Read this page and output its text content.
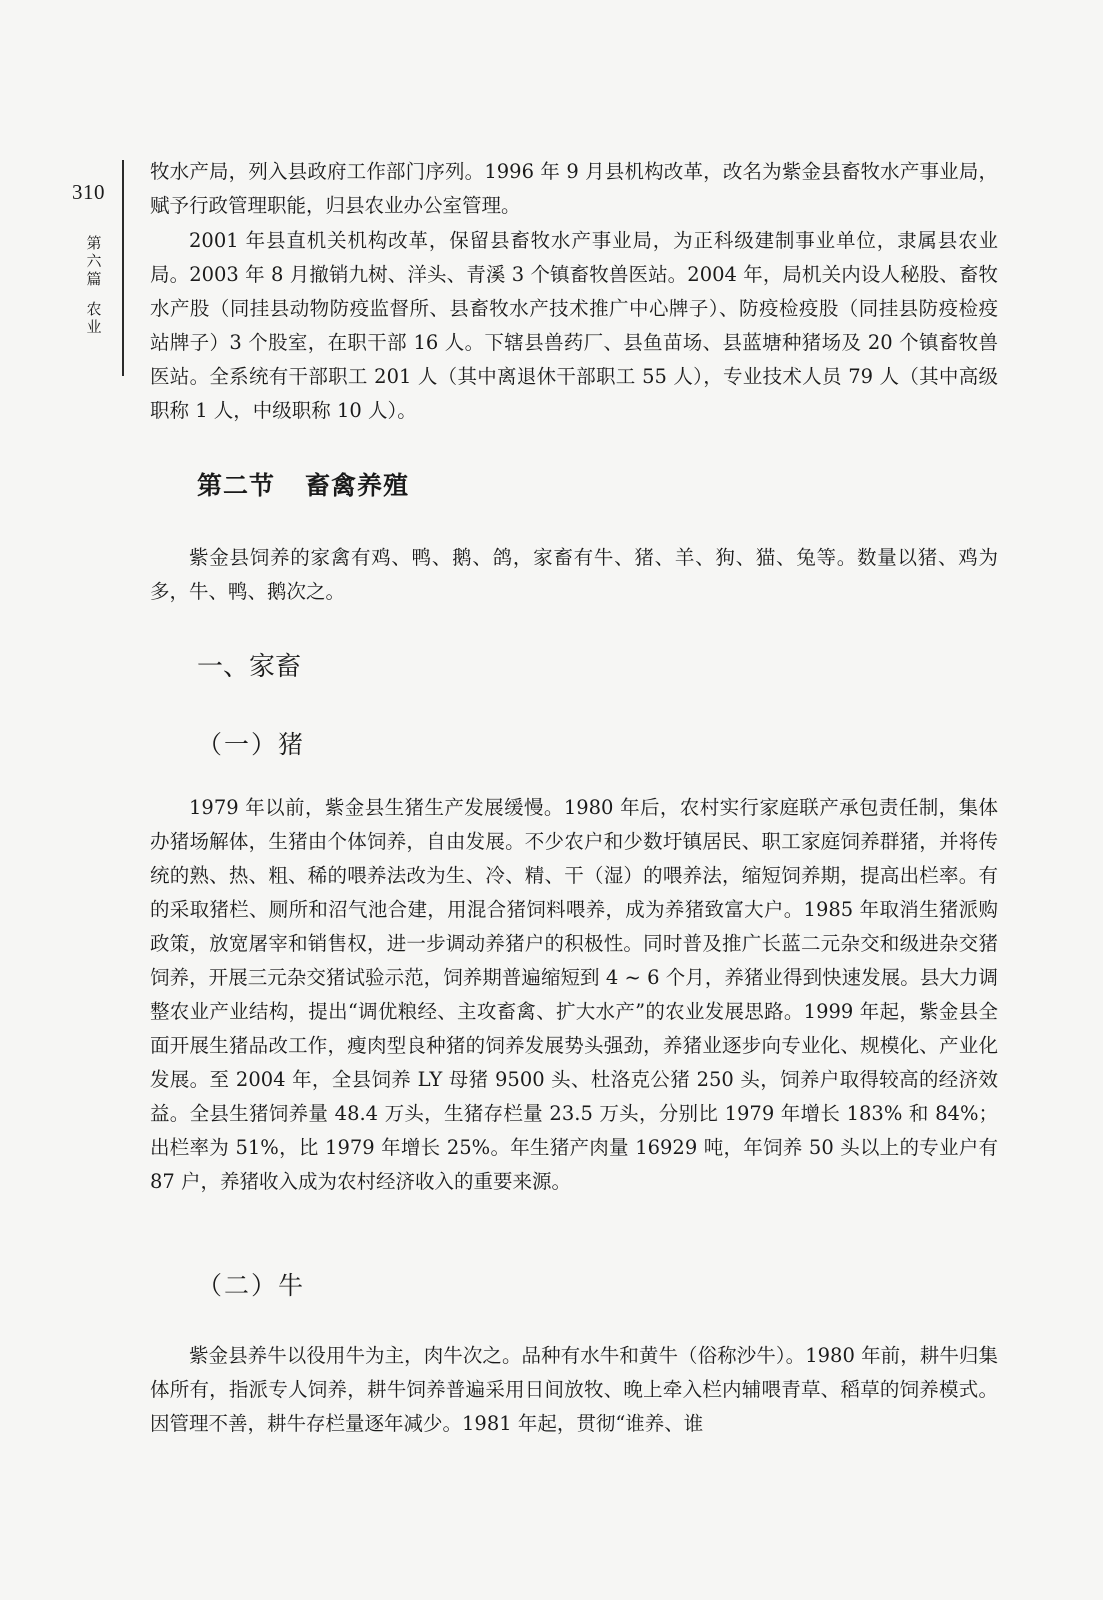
310
第六篇
农业

牧水产局，列入县政府工作部门序列。1996 年 9 月县机构改革，改名为紫金县畜牧水产事业局，赋予行政管理职能，归县农业办公室管理。

2001 年县直机关机构改革，保留县畜牧水产事业局，为正科级建制事业单位，隶属县农业局。2003 年 8 月撤销九树、洋头、青溪 3 个镇畜牧兽医站。2004 年，局机关内设人秘股、畜牧水产股（同挂县动物防疫监督所、县畜牧水产技术推广中心牌子）、防疫检疫股（同挂县防疫检疫站牌子）3 个股室，在职干部 16 人。下辖县兽药厂、县鱼苗场、县蓝塘种猪场及 20 个镇畜牧兽医站。全系统有干部职工 201 人（其中离退休干部职工 55 人），专业技术人员 79 人（其中高级职称 1 人，中级职称 10 人）。

第二节 畜禽养殖

紫金县饲养的家禽有鸡、鸭、鹅、鸽，家畜有牛、猪、羊、狗、猫、兔等。数量以猪、鸡为多，牛、鸭、鹅次之。

一、家畜
（一）猪

1979 年以前，紫金县生猪生产发展缓慢。1980 年后，农村实行家庭联产承包责任制，集体办猪场解体，生猪由个体饲养，自由发展。不少农户和少数圩镇居民、职工家庭饲养群猪，并将传统的熟、热、粗、稀的喂养法改为生、冷、精、干（湿）的喂养法，缩短饲养期，提高出栏率。有的采取猪栏、厕所和沼气池合建，用混合猪饲料喂养，成为养猪致富大户。1985 年取消生猪派购政策，放宽屠宰和销售权，进一步调动养猪户的积极性。同时普及推广长蓝二元杂交和级进杂交猪饲养，开展三元杂交猪试验示范，饲养期普遍缩短到 4 ~ 6 个月，养猪业得到快速发展。县大力调整农业产业结构，提出“调优粮经、主攻畜禽、扩大水产”的农业发展思路。1999 年起，紫金县全面开展生猪品改工作，瘦肉型良种猪的饲养发展势头强劲，养猪业逐步向专业化、规模化、产业化发展。至 2004 年，全县饲养 LY 母猪 9500 头、杜洛克公猪 250 头，饲养户取得较高的经济效益。全县生猪饲养量 48.4 万头，生猪存栏量 23.5 万头，分别比 1979 年增长 183% 和 84%；出栏率为 51%，比 1979 年增长 25%。年生猪产肉量 16929 吨，年饲养 50 头以上的专业户有 87 户，养猪收入成为农村经济收入的重要来源。

（二）牛

紫金县养牛以役用牛为主，肉牛次之。品种有水牛和黄牛（俗称沙牛）。1980 年前，耕牛归集体所有，指派专人饲养，耕牛饲养普遍采用日间放牧、晚上牵入栏内辅喂青草、稻草的饲养模式。因管理不善，耕牛存栏量逐年减少。1981 年起，贯彻“谁养、谁
